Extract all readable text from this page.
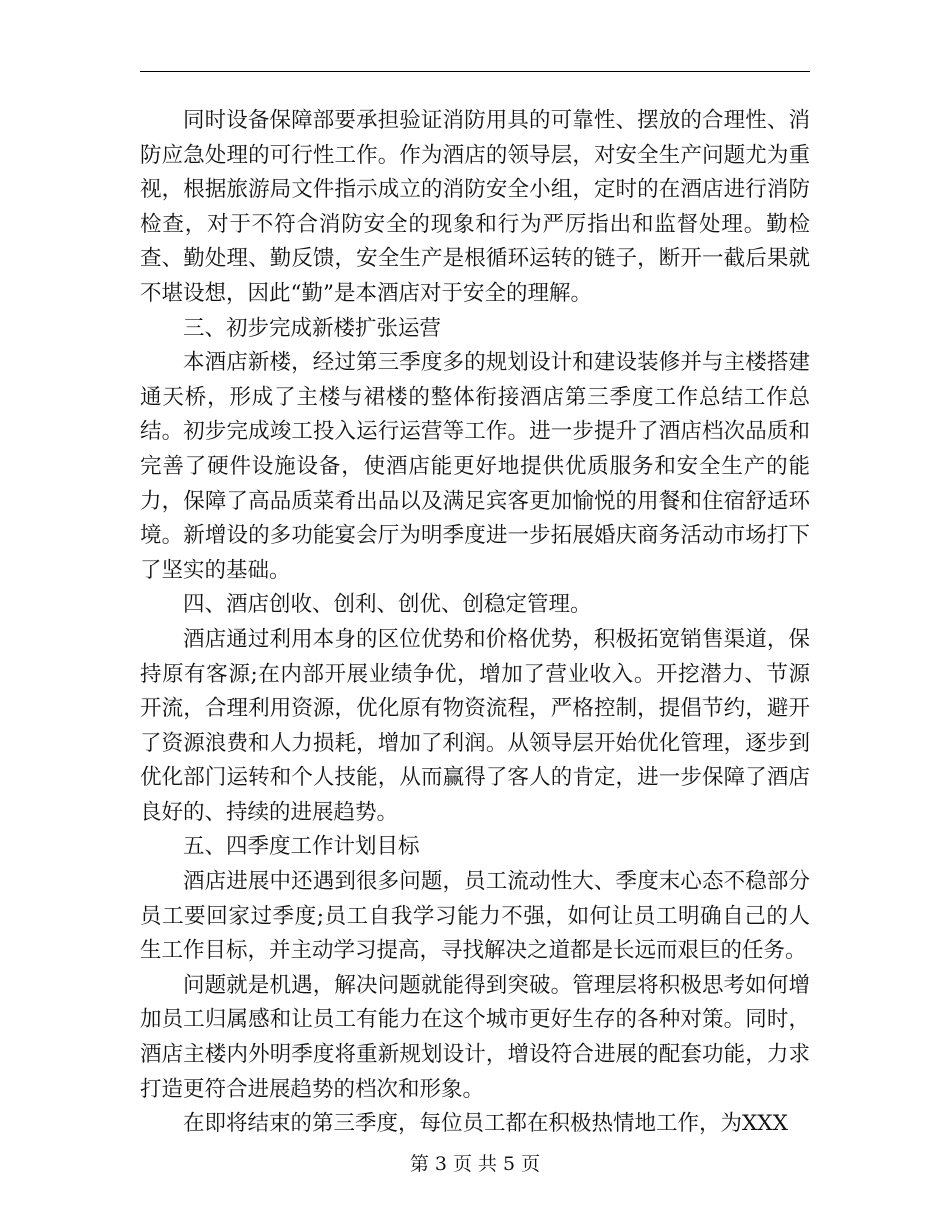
同时设备保障部要承担验证消防用具的可靠性、摆放的合理性、消防应急处理的可行性工作。作为酒店的领导层，对安全生产问题尤为重视，根据旅游局文件指示成立的消防安全小组，定时的在酒店进行消防检查，对于不符合消防安全的现象和行为严厉指出和监督处理。勤检查、勤处理、勤反馈，安全生产是根循环运转的链子，断开一截后果就不堪设想，因此“勤”是本酒店对于安全的理解。

三、初步完成新楼扩张运营

本酒店新楼，经过第三季度多的规划设计和建设装修并与主楼搭建通天桥，形成了主楼与裙楼的整体衔接酒店第三季度工作总结工作总结。初步完成竣工投入运行运营等工作。进一步提升了酒店档次品质和完善了硬件设施设备，使酒店能更好地提供优质服务和安全生产的能力，保障了高品质菜肴出品以及满足宾客更加愉悦的用餐和住宿舒适环境。新增设的多功能宴会厅为明季度进一步拓展婚庆商务活动市场打下了坚实的基础。

四、酒店创收、创利、创优、创稳定管理。

酒店通过利用本身的区位优势和价格优势，积极拓宽销售渠道，保持原有客源;在内部开展业绩争优，增加了营业收入。开挖潜力、节源开流，合理利用资源，优化原有物资流程，严格控制，提倡节约，避开了资源浪费和人力损耗，增加了利润。从领导层开始优化管理，逐步到优化部门运转和个人技能，从而赢得了客人的肯定，进一步保障了酒店良好的、持续的进展趋势。

五、四季度工作计划目标

酒店进展中还遇到很多问题，员工流动性大、季度末心态不稳部分员工要回家过季度;员工自我学习能力不强，如何让员工明确自己的人生工作目标，并主动学习提高，寻找解决之道都是长远而艰巨的任务。

问题就是机遇，解决问题就能得到突破。管理层将积极思考如何增加员工归属感和让员工有能力在这个城市更好生存的各种对策。同时，酒店主楼内外明季度将重新规划设计，增设符合进展的配套功能，力求打造更符合进展趋势的档次和形象。

在即将结束的第三季度，每位员工都在积极热情地工作，为XXX

第 3 页 共 5 页
